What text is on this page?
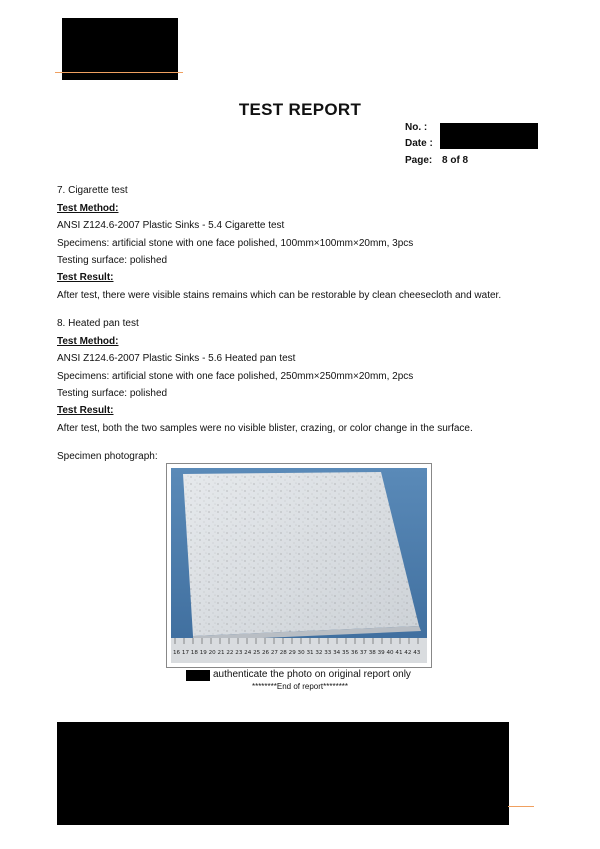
TEST REPORT
No. :
Date :
Page: 8 of 8
7. Cigarette test
Test Method:
ANSI Z124.6-2007 Plastic Sinks - 5.4 Cigarette test
Specimens: artificial stone with one face polished, 100mm×100mm×20mm, 3pcs
Testing surface: polished
Test Result:
After test, there were visible stains remains which can be restorable by clean cheesecloth and water.
8. Heated pan test
Test Method:
ANSI Z124.6-2007 Plastic Sinks - 5.6 Heated pan test
Specimens: artificial stone with one face polished, 250mm×250mm×20mm, 2pcs
Testing surface: polished
Test Result:
After test, both the two samples were no visible blister, crazing, or color change in the surface.
Specimen photograph:
16 17 18 19 20 21 22 23 24 25 26 27 28 29 30 31 32 33 34 35 36 37 38 39 40 41 42 43
authenticate the photo on original report only
********End of report********
